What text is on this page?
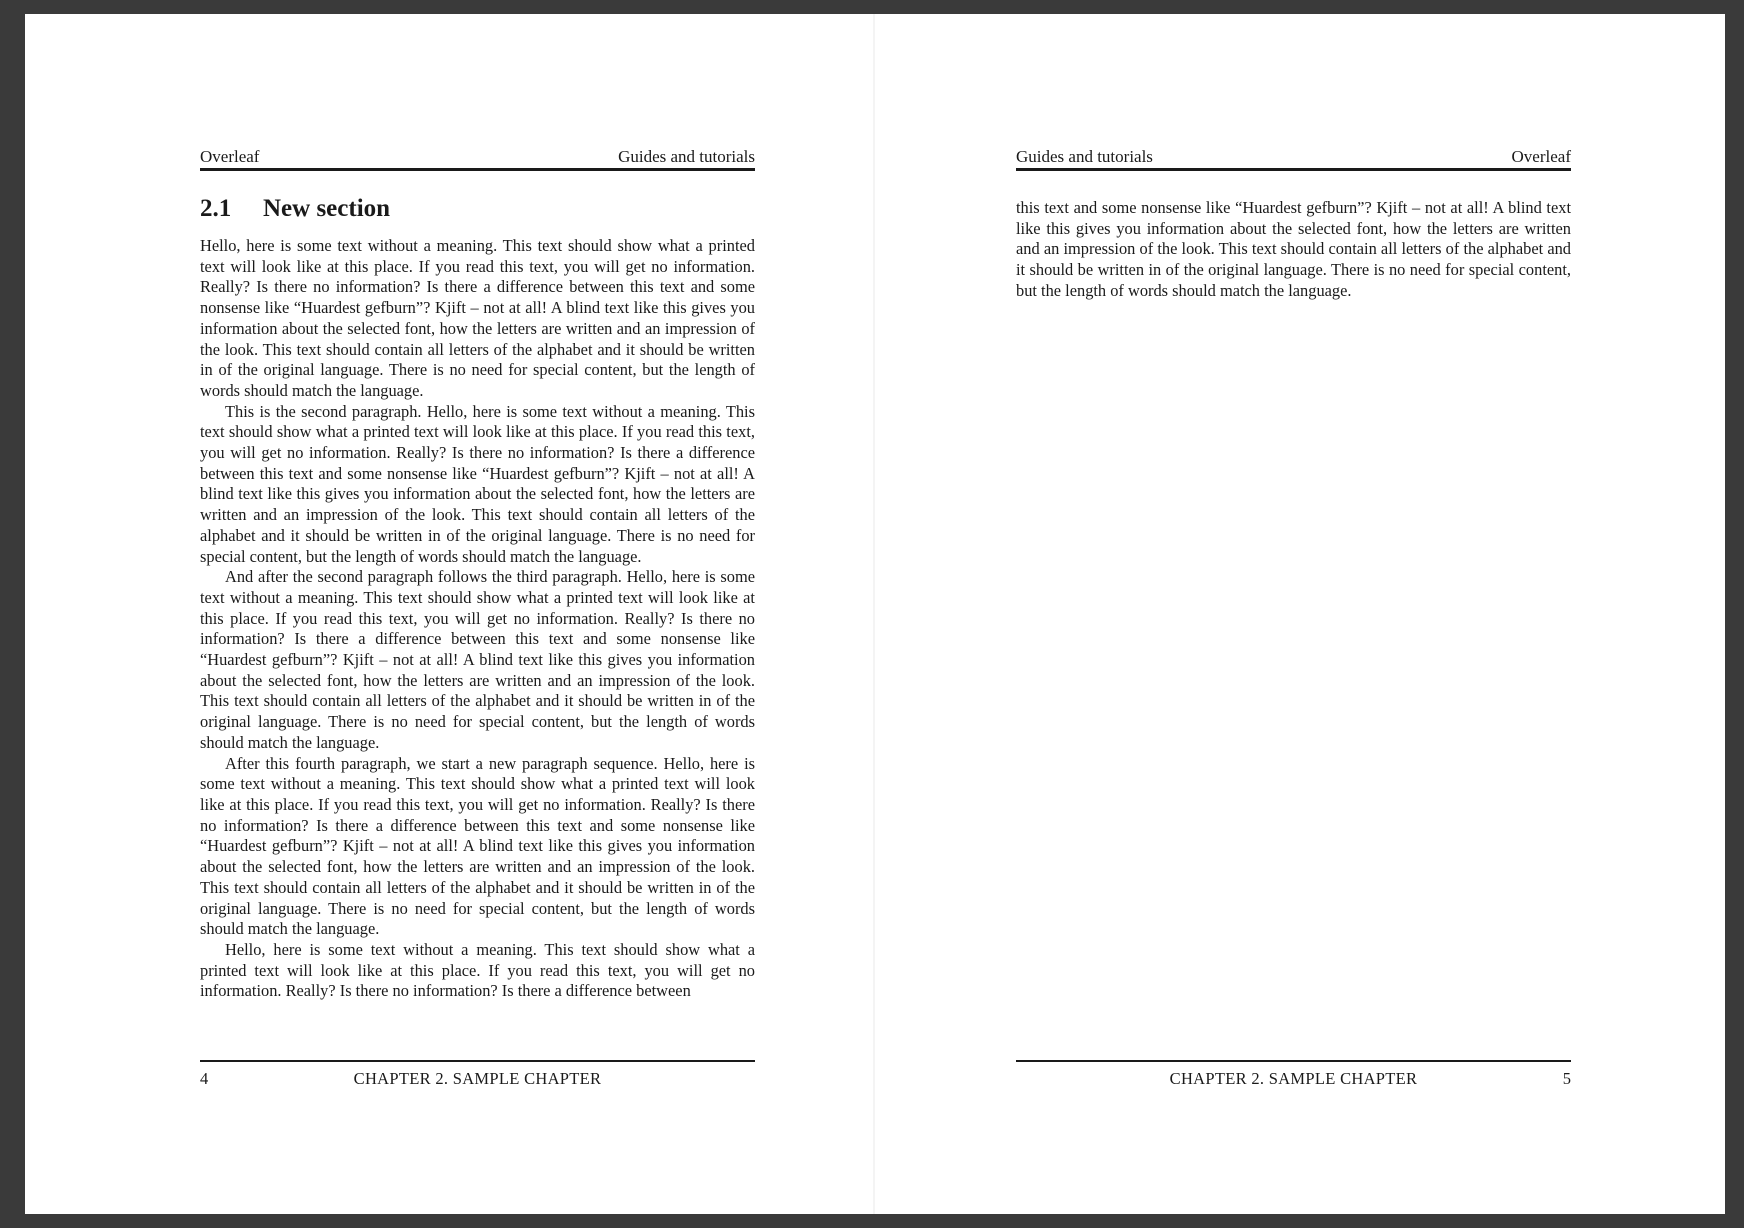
Overleaf	Guides and tutorials
2.1 New section

Hello, here is some text without a meaning. This text should show what a printed text will look like at this place. If you read this text, you will get no information. Really? Is there no information? Is there a difference between this text and some nonsense like “Huardest gefburn”? Kjift – not at all! A blind text like this gives you information about the selected font, how the letters are written and an impression of the look. This text should contain all letters of the alphabet and it should be written in of the original language. There is no need for special content, but the length of words should match the language.

This is the second paragraph. Hello, here is some text without a meaning. This text should show what a printed text will look like at this place. If you read this text, you will get no information. Really? Is there no information? Is there a difference between this text and some nonsense like “Huardest gefburn”? Kjift – not at all! A blind text like this gives you information about the selected font, how the letters are written and an impression of the look. This text should contain all letters of the alphabet and it should be written in of the original language. There is no need for special content, but the length of words should match the language.

And after the second paragraph follows the third paragraph. Hello, here is some text without a meaning. This text should show what a printed text will look like at this place. If you read this text, you will get no information. Really? Is there no information? Is there a difference between this text and some nonsense like “Huardest gefburn”? Kjift – not at all! A blind text like this gives you information about the selected font, how the letters are written and an impression of the look. This text should contain all letters of the alphabet and it should be written in of the original language. There is no need for special content, but the length of words should match the language.

After this fourth paragraph, we start a new paragraph sequence. Hello, here is some text without a meaning. This text should show what a printed text will look like at this place. If you read this text, you will get no information. Really? Is there no information? Is there a difference between this text and some nonsense like “Huardest gefburn”? Kjift – not at all! A blind text like this gives you information about the selected font, how the letters are written and an impression of the look. This text should contain all letters of the alphabet and it should be written in of the original language. There is no need for special content, but the length of words should match the language.

Hello, here is some text without a meaning. This text should show what a printed text will look like at this place. If you read this text, you will get no information. Really? Is there no information? Is there a difference between

4	CHAPTER 2. SAMPLE CHAPTER
Guides and tutorials	Overleaf

this text and some nonsense like “Huardest gefburn”? Kjift – not at all! A blind text like this gives you information about the selected font, how the letters are written and an impression of the look. This text should contain all letters of the alphabet and it should be written in of the original language. There is no need for special content, but the length of words should match the language.

CHAPTER 2. SAMPLE CHAPTER	5
